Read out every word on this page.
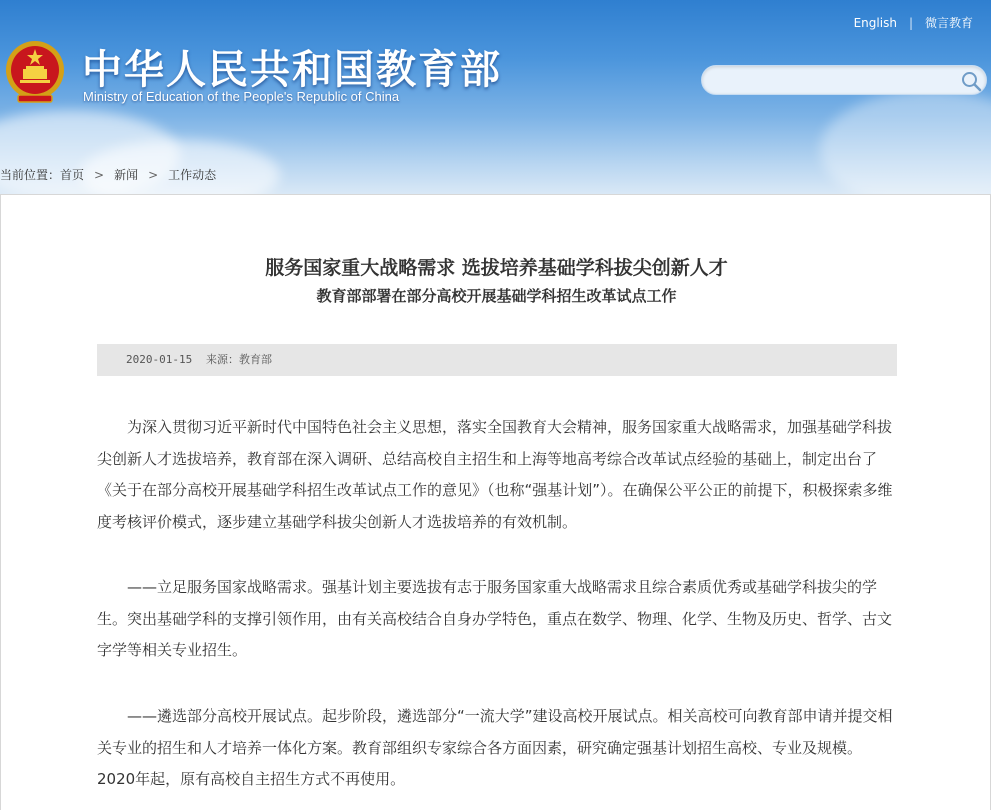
中华人民共和国教育部
Ministry of Education of the People's Republic of China
English | 微言教育
当前位置：首页 > 新闻 > 工作动态
服务国家重大战略需求 选拔培养基础学科拔尖创新人才
教育部部署在部分高校开展基础学科招生改革试点工作
2020-01-15 来源：教育部

为深入贯彻习近平新时代中国特色社会主义思想，落实全国教育大会精神，服务国家重大战略需求，加强基础学科拔尖创新人才选拔培养，教育部在深入调研、总结高校自主招生和上海等地高考综合改革试点经验的基础上，制定出台了《关于在部分高校开展基础学科招生改革试点工作的意见》（也称“强基计划”）。在确保公平公正的前提下，积极探索多维度考核评价模式，逐步建立基础学科拔尖创新人才选拔培养的有效机制。

——立足服务国家战略需求。强基计划主要选拔有志于服务国家重大战略需求且综合素质优秀或基础学科拔尖的学生。突出基础学科的支撑引领作用，由有关高校结合自身办学特色，重点在数学、物理、化学、生物及历史、哲学、古文字学等相关专业招生。

——遴选部分高校开展试点。起步阶段，遴选部分“一流大学”建设高校开展试点。相关高校可向教育部申请并提交相关专业的招生和人才培养一体化方案。教育部组织专家综合各方面因素，研究确定强基计划招生高校、专业及规模。2020年起，原有高校自主招生方式不再使用。
